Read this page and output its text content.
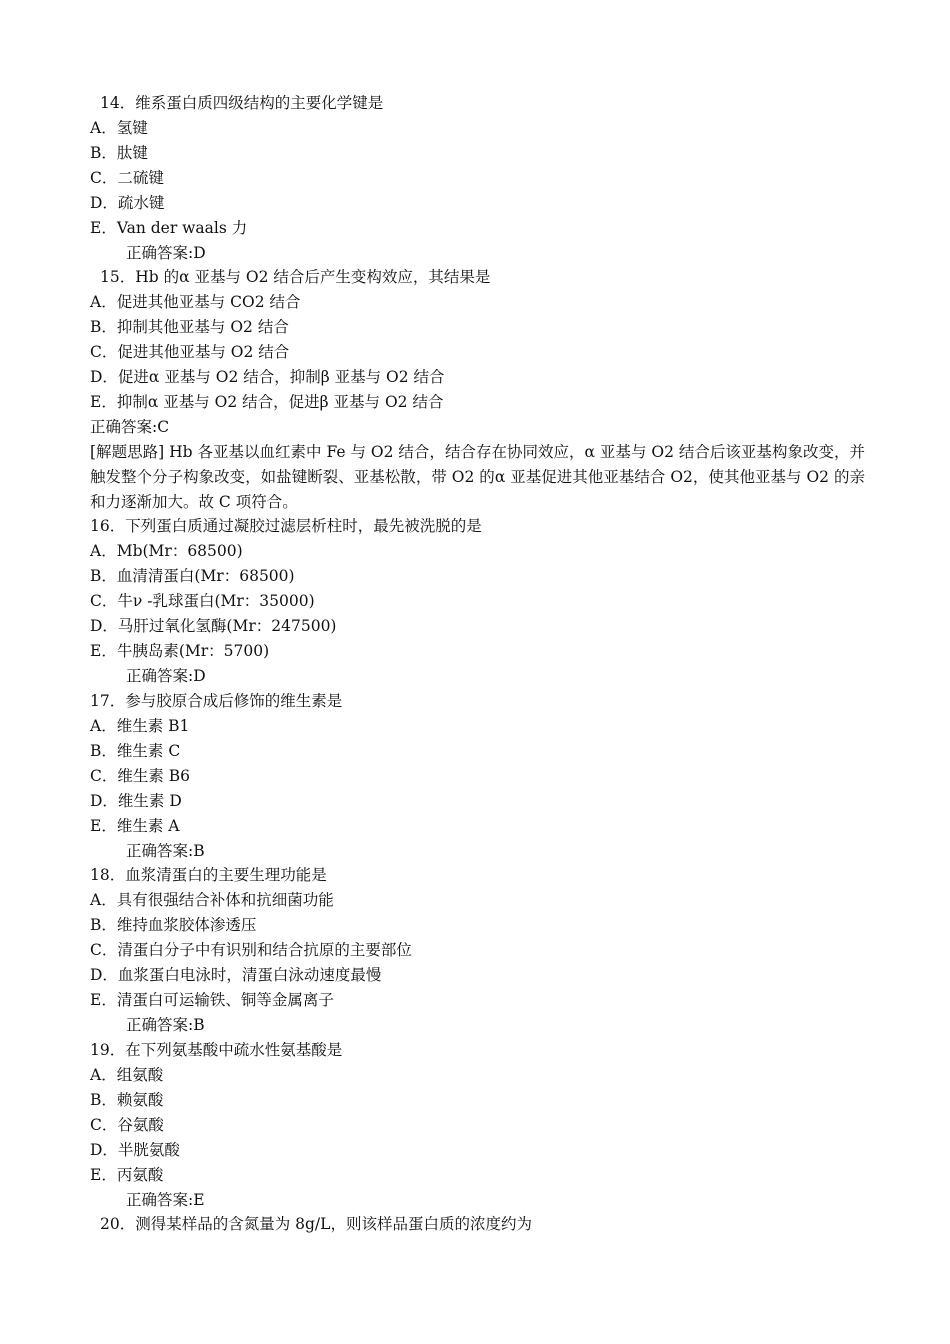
14．维系蛋白质四级结构的主要化学键是
A．氢键
B．肽键
C．二硫键
D．疏水键
E．Van der waals 力
正确答案:D
15．Hb 的α 亚基与 O2 结合后产生变构效应，其结果是
A．促进其他亚基与 CO2 结合
B．抑制其他亚基与 O2 结合
C．促进其他亚基与 O2 结合
D．促进α 亚基与 O2 结合，抑制β 亚基与 O2 结合
E．抑制α 亚基与 O2 结合，促进β 亚基与 O2 结合
正确答案:C
[解题思路] Hb 各亚基以血红素中 Fe 与 O2 结合，结合存在协同效应，α 亚基与 O2 结合后该亚基构象改变，并触发整个分子构象改变，如盐键断裂、亚基松散，带 O2 的α 亚基促进其他亚基结合 O2，使其他亚基与 O2 的亲和力逐渐加大。故 C 项符合。
16．下列蛋白质通过凝胶过滤层析柱时，最先被洗脱的是
A．Mb(Mr：68500)
B．血清清蛋白(Mr：68500)
C．牛ν -乳球蛋白(Mr：35000)
D．马肝过氧化氢酶(Mr：247500)
E．牛胰岛素(Mr：5700)
正确答案:D
17．参与胶原合成后修饰的维生素是
A．维生素 B1
B．维生素 C
C．维生素 B6
D．维生素 D
E．维生素 A
正确答案:B
18．血浆清蛋白的主要生理功能是
A．具有很强结合补体和抗细菌功能
B．维持血浆胶体渗透压
C．清蛋白分子中有识别和结合抗原的主要部位
D．血浆蛋白电泳时，清蛋白泳动速度最慢
E．清蛋白可运输铁、铜等金属离子
正确答案:B
19．在下列氨基酸中疏水性氨基酸是
A．组氨酸
B．赖氨酸
C．谷氨酸
D．半胱氨酸
E．丙氨酸
正确答案:E
20．测得某样品的含氮量为 8g/L，则该样品蛋白质的浓度约为
